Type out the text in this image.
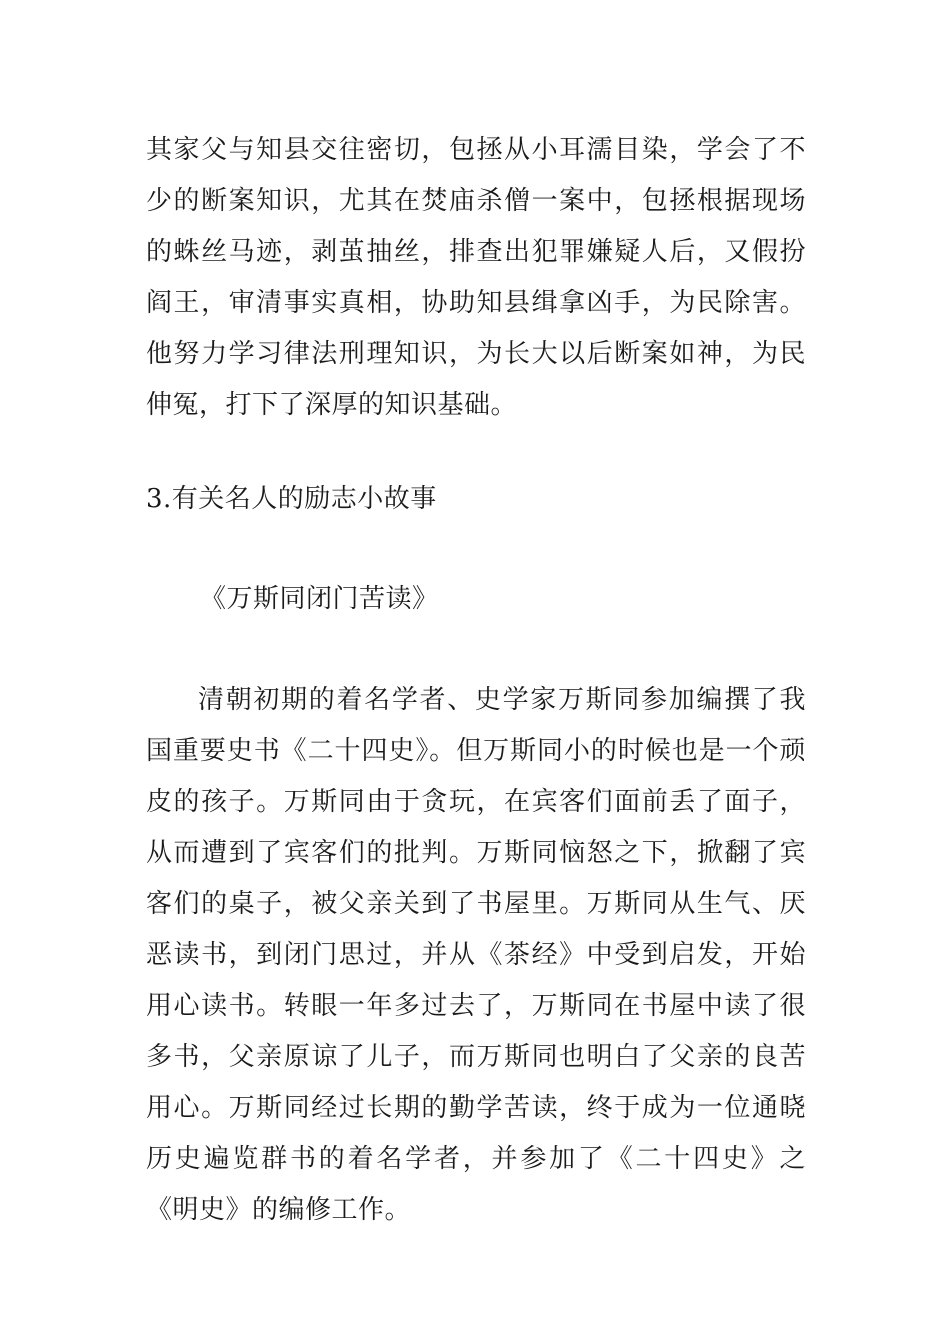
其家父与知县交往密切，包拯从小耳濡目染，学会了不少的断案知识，尤其在焚庙杀僧一案中，包拯根据现场的蛛丝马迹，剥茧抽丝，排查出犯罪嫌疑人后，又假扮阎王，审清事实真相，协助知县缉拿凶手，为民除害。他努力学习律法刑理知识，为长大以后断案如神，为民伸冤，打下了深厚的知识基础。

3.有关名人的励志小故事

《万斯同闭门苦读》

清朝初期的着名学者、史学家万斯同参加编撰了我国重要史书《二十四史》。但万斯同小的时候也是一个顽皮的孩子。万斯同由于贪玩，在宾客们面前丢了面子，从而遭到了宾客们的批判。万斯同恼怒之下，掀翻了宾客们的桌子，被父亲关到了书屋里。万斯同从生气、厌恶读书，到闭门思过，并从《茶经》中受到启发，开始用心读书。转眼一年多过去了，万斯同在书屋中读了很多书，父亲原谅了儿子，而万斯同也明白了父亲的良苦用心。万斯同经过长期的勤学苦读，终于成为一位通晓历史遍览群书的着名学者，并参加了《二十四史》之《明史》的编修工作。
